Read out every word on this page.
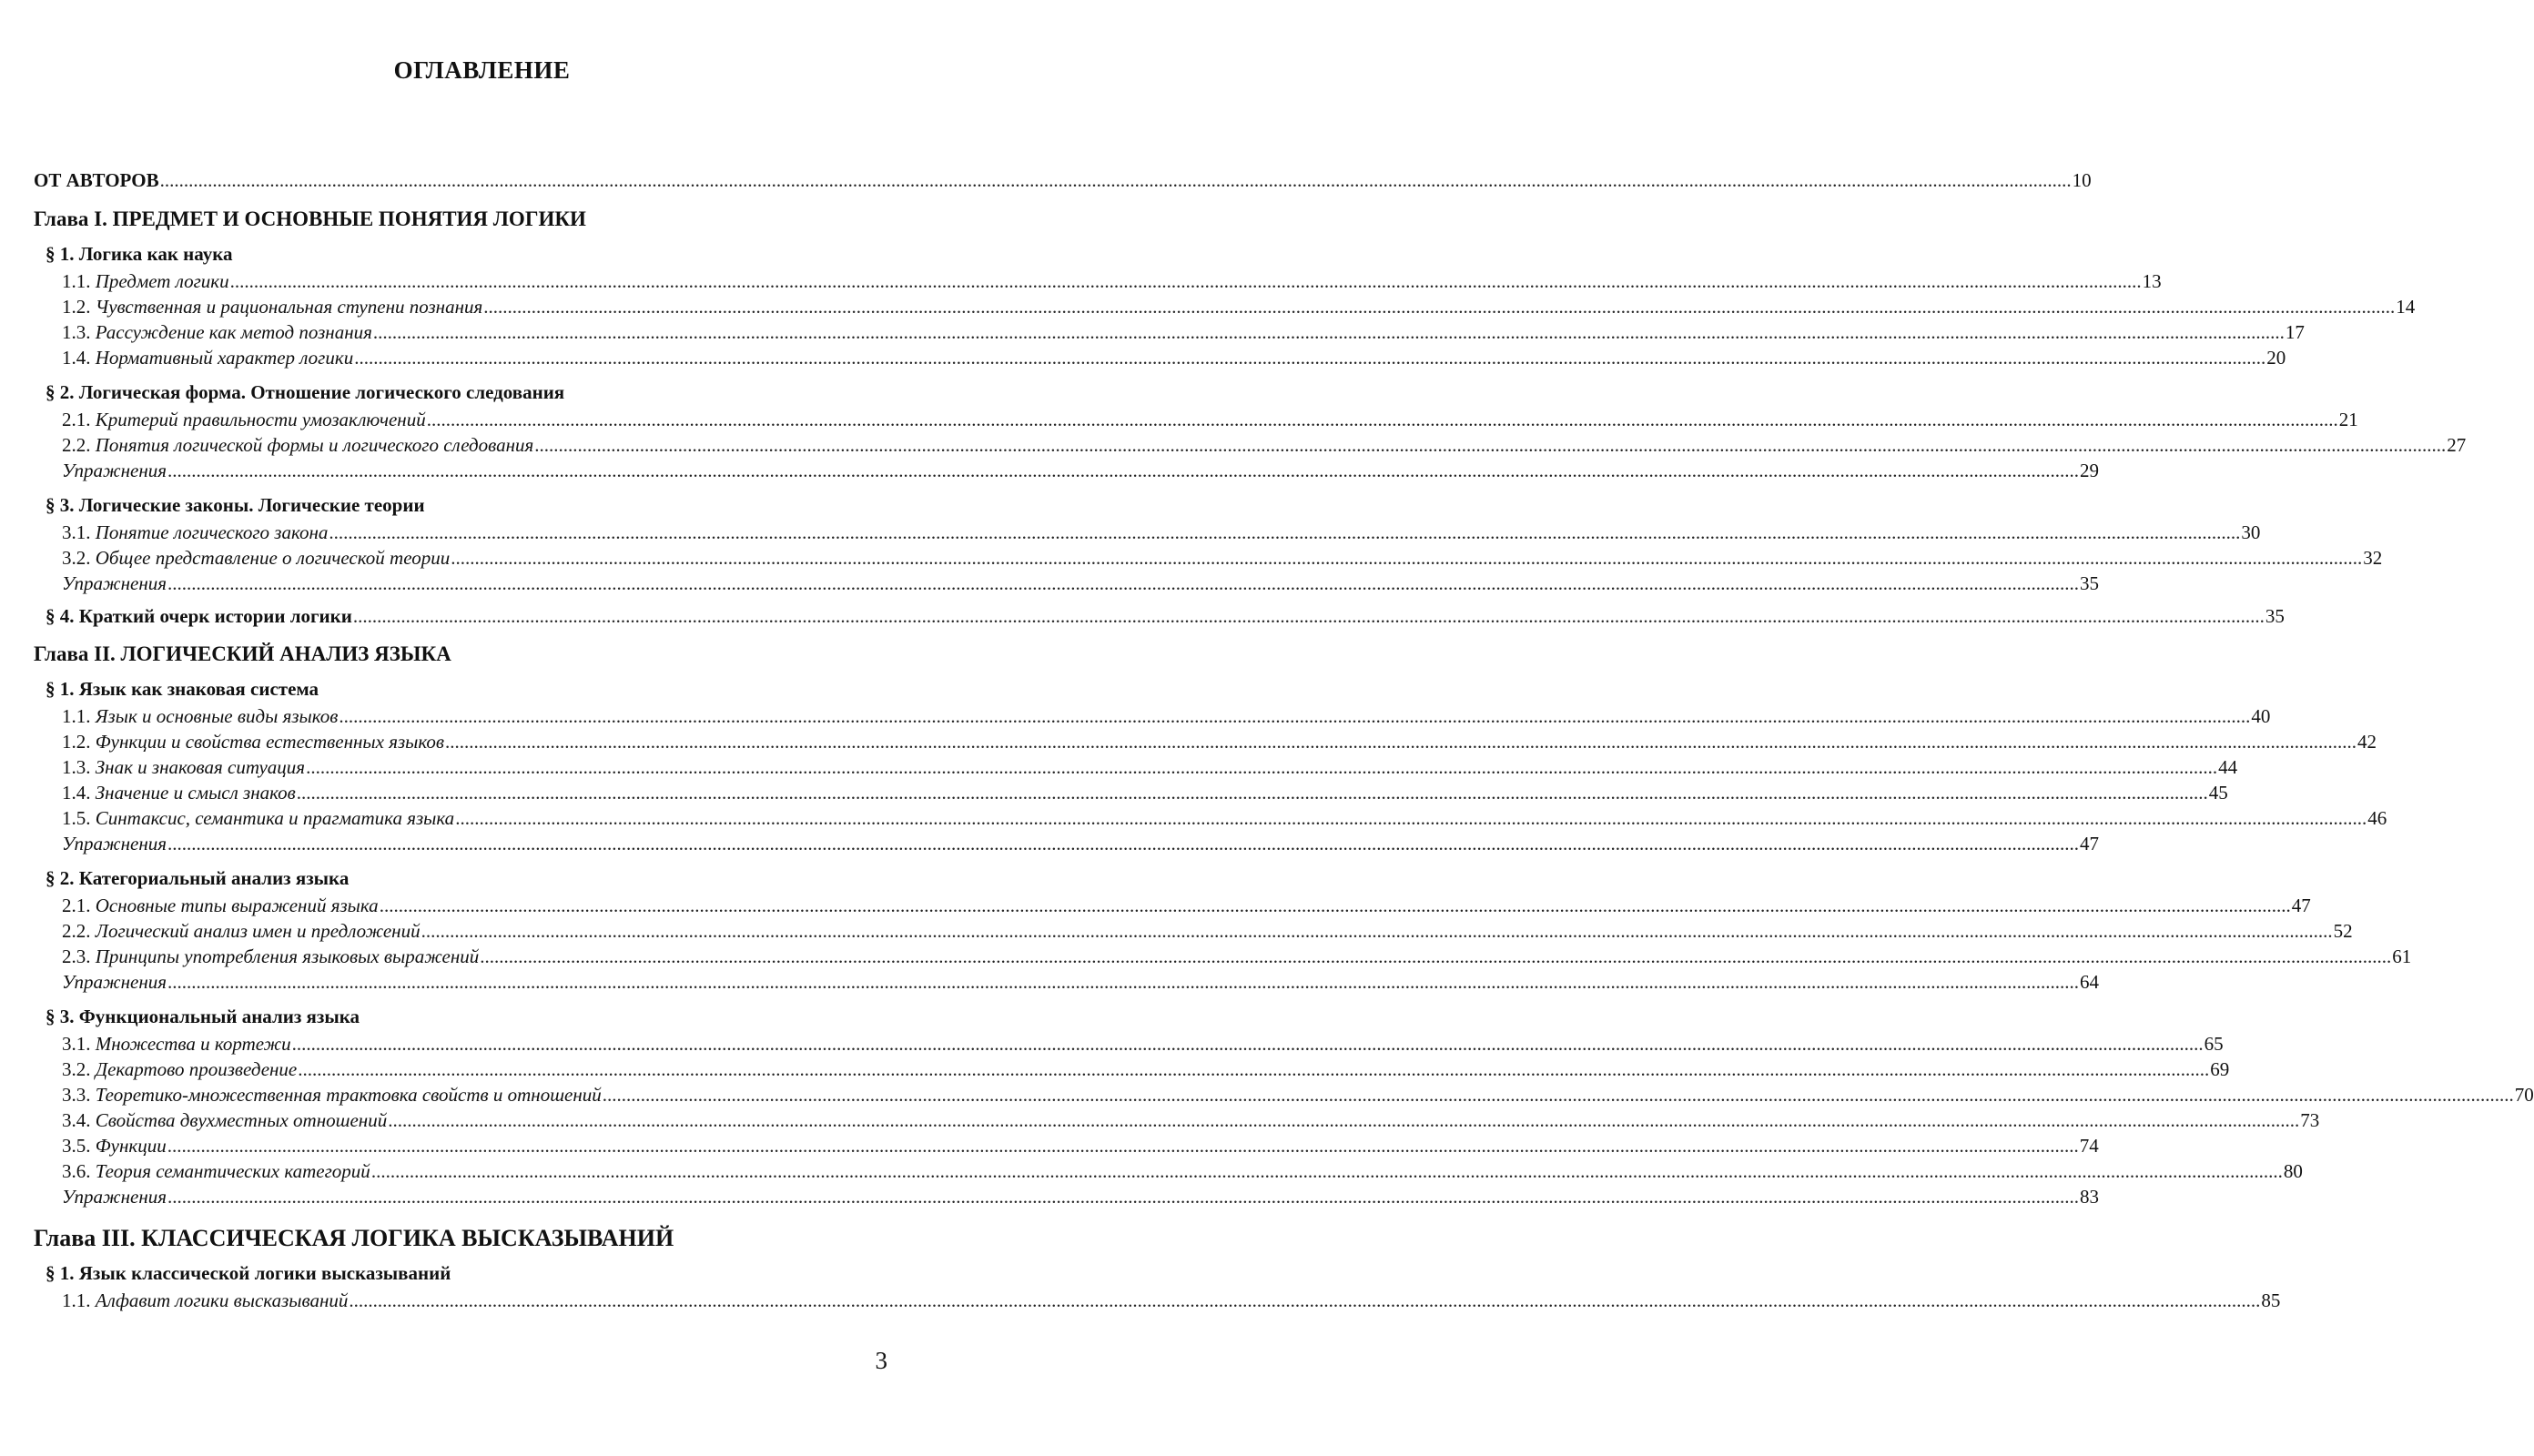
ОГЛАВЛЕНИЕ
ОТ АВТОРОВ ................................................................................................................................................................................................................................................................................................................................................................................................................ 10
Глава I. ПРЕДМЕТ И ОСНОВНЫЕ ПОНЯТИЯ ЛОГИКИ
§ 1. Логика как наука
1.1. Предмет логики ................................................................................................................................................................................................................................................................................................................................................................................................................ 13
1.2. Чувственная и рациональная ступени познания ................................................................................................................................................................................................................................................................................................................................................................................................................ 14
1.3. Рассуждение как метод познания ................................................................................................................................................................................................................................................................................................................................................................................................................ 17
1.4. Нормативный характер логики ................................................................................................................................................................................................................................................................................................................................................................................................................ 20
§ 2. Логическая форма. Отношение логического следования
2.1. Критерий правильности умозаключений ................................................................................................................................................................................................................................................................................................................................................................................................................ 21
2.2. Понятия логической формы и логического следования ................................................................................................................................................................................................................................................................................................................................................................................................................ 27
Упражнения ................................................................................................................................................................................................................................................................................................................................................................................................................ 29
§ 3. Логические законы. Логические теории
3.1. Понятие логического закона ................................................................................................................................................................................................................................................................................................................................................................................................................ 30
3.2. Общее представление о логической теории ................................................................................................................................................................................................................................................................................................................................................................................................................ 32
Упражнения ................................................................................................................................................................................................................................................................................................................................................................................................................ 35
§ 4. Краткий очерк истории логики ................................................................................................................................................................................................................................................................................................................................................................................................................ 35
Глава II. ЛОГИЧЕСКИЙ АНАЛИЗ ЯЗЫКА
§ 1. Язык как знаковая система
1.1. Язык и основные виды языков ................................................................................................................................................................................................................................................................................................................................................................................................................ 40
1.2. Функции и свойства естественных языков ................................................................................................................................................................................................................................................................................................................................................................................................................ 42
1.3. Знак и знаковая ситуация ................................................................................................................................................................................................................................................................................................................................................................................................................ 44
1.4. Значение и смысл знаков ................................................................................................................................................................................................................................................................................................................................................................................................................ 45
1.5. Синтаксис, семантика и прагматика языка ................................................................................................................................................................................................................................................................................................................................................................................................................ 46
Упражнения ................................................................................................................................................................................................................................................................................................................................................................................................................ 47
§ 2. Категориальный анализ языка
2.1. Основные типы выражений языка ................................................................................................................................................................................................................................................................................................................................................................................................................ 47
2.2. Логический анализ имен и предложений ................................................................................................................................................................................................................................................................................................................................................................................................................ 52
2.3. Принципы употребления языковых выражений ................................................................................................................................................................................................................................................................................................................................................................................................................ 61
Упражнения ................................................................................................................................................................................................................................................................................................................................................................................................................ 64
§ 3. Функциональный анализ языка
3.1. Множества и кортежи ................................................................................................................................................................................................................................................................................................................................................................................................................ 65
3.2. Декартово произведение ................................................................................................................................................................................................................................................................................................................................................................................................................ 69
3.3. Теоретико-множественная трактовка свойств и отношений ................................................................................................................................................................................................................................................................................................................................................................................................................ 70
3.4. Свойства двухместных отношений ................................................................................................................................................................................................................................................................................................................................................................................................................ 73
3.5. Функции ................................................................................................................................................................................................................................................................................................................................................................................................................ 74
3.6. Теория семантических категорий ................................................................................................................................................................................................................................................................................................................................................................................................................ 80
Упражнения ................................................................................................................................................................................................................................................................................................................................................................................................................ 83
Глава III. КЛАССИЧЕСКАЯ ЛОГИКА ВЫСКАЗЫВАНИЙ
§ 1. Язык классической логики высказываний
1.1. Алфавит логики высказываний ................................................................................................................................................................................................................................................................................................................................................................................................................ 85
3
